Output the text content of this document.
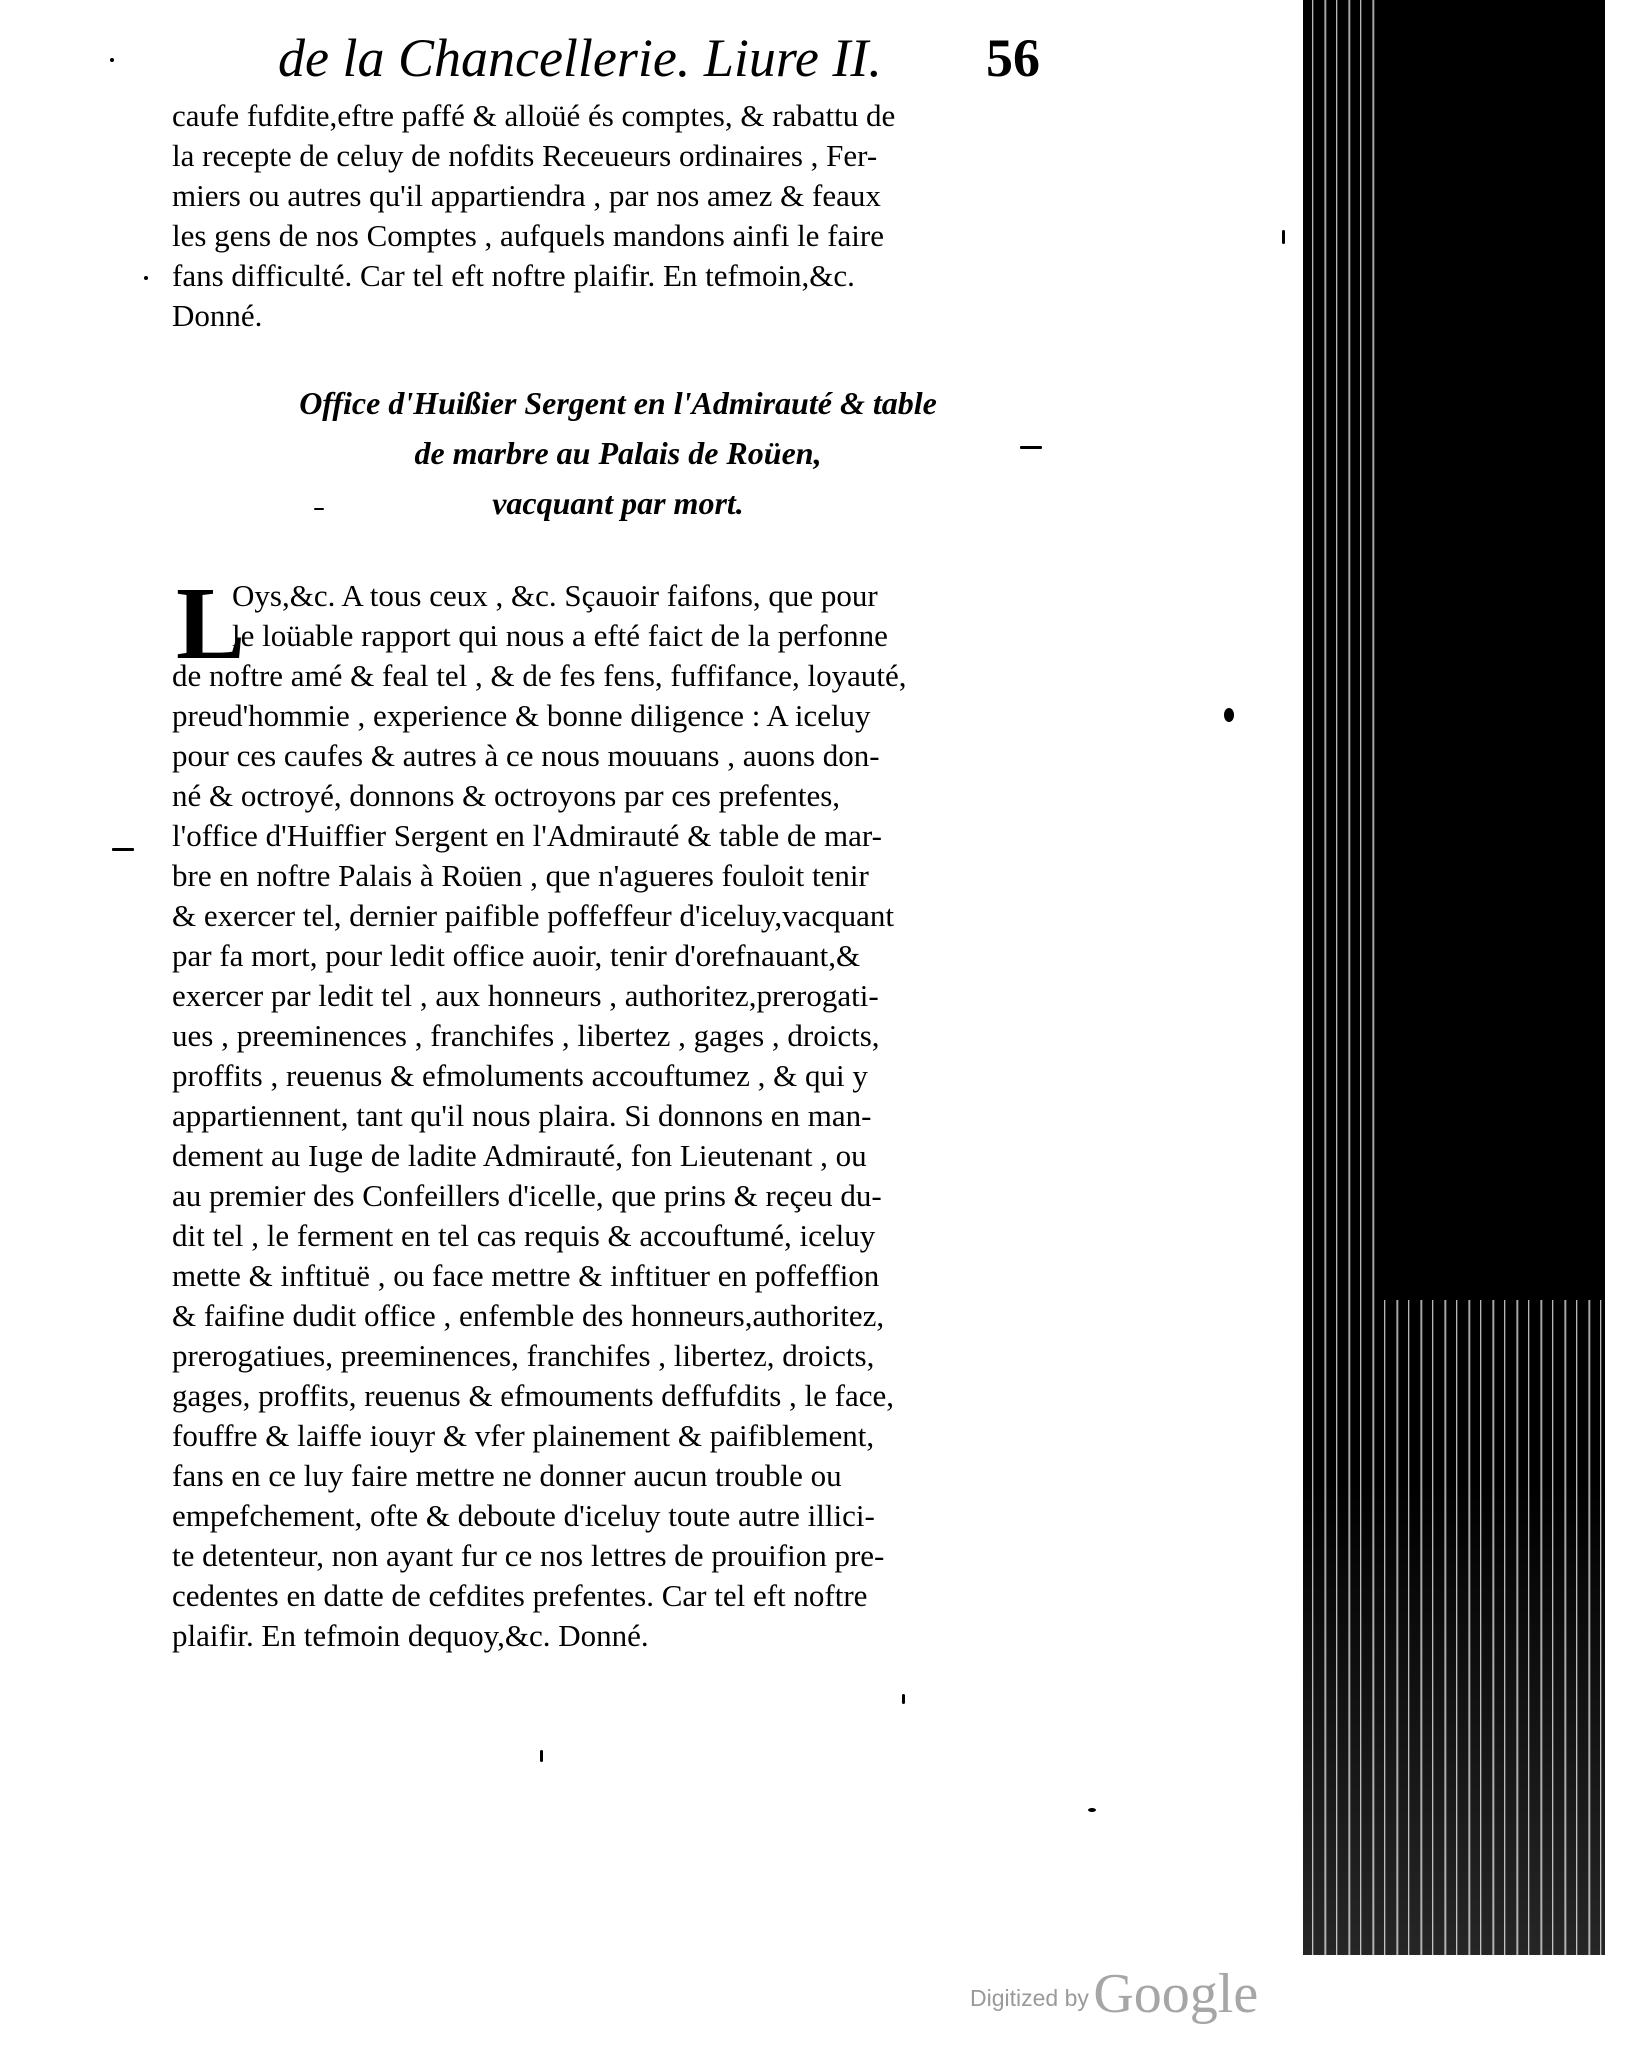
de la Chancellerie. Liure II. 56
caufe fufdite,eftre paffé & alloüé és comptes, & rabattu de
la recepte de celuy de nofdits Receueurs ordinaires , Fer-
miers ou autres qu'il appartiendra , par nos amez & feaux
les gens de nos Comptes , aufquels mandons ainfi le faire
fans difficulté. Car tel eft noftre plaifir. En tefmoin,&c.
Donné.
Office d'Huißier Sergent en l'Admirauté & table
de marbre au Palais de Roüen,
vacquant par mort.
L
Oys,&c. A tous ceux , &c. Sçauoir faifons, que pour
le loüable rapport qui nous a efté faict de la perfonne
de noftre amé & feal tel , & de fes fens, fuffifance, loyauté,
preud'hommie , experience & bonne diligence : A iceluy
pour ces caufes & autres à ce nous mouuans , auons don-
né & octroyé, donnons & octroyons par ces prefentes,
l'office d'Huiffier Sergent en l'Admirauté & table de mar-
bre en noftre Palais à Roüen , que n'agueres fouloit tenir
& exercer tel, dernier paifible poffeffeur d'iceluy,vacquant
par fa mort, pour ledit office auoir, tenir d'orefnauant,&
exercer par ledit tel , aux honneurs , authoritez,prerogati-
ues , preeminences , franchifes , libertez , gages , droicts,
proffits , reuenus & efmoluments accouftumez , & qui y
appartiennent, tant qu'il nous plaira. Si donnons en man-
dement au Iuge de ladite Admirauté, fon Lieutenant , ou
au premier des Confeillers d'icelle, que prins & reçeu du-
dit tel , le ferment en tel cas requis & accouftumé, iceluy
mette & inftituë , ou face mettre & inftituer en poffeffion
& faifine dudit office , enfemble des honneurs,authoritez,
prerogatiues, preeminences, franchifes , libertez, droicts,
gages, proffits, reuenus & efmouments deffufdits , le face,
fouffre & laiffe iouyr & vfer plainement & paifiblement,
fans en ce luy faire mettre ne donner aucun trouble ou
empefchement, ofte & deboute d'iceluy toute autre illici-
te detenteur, non ayant fur ce nos lettres de prouifion pre-
cedentes en datte de cefdites prefentes. Car tel eft noftre
plaifir. En tefmoin dequoy,&c. Donné.
Digitized by Google
